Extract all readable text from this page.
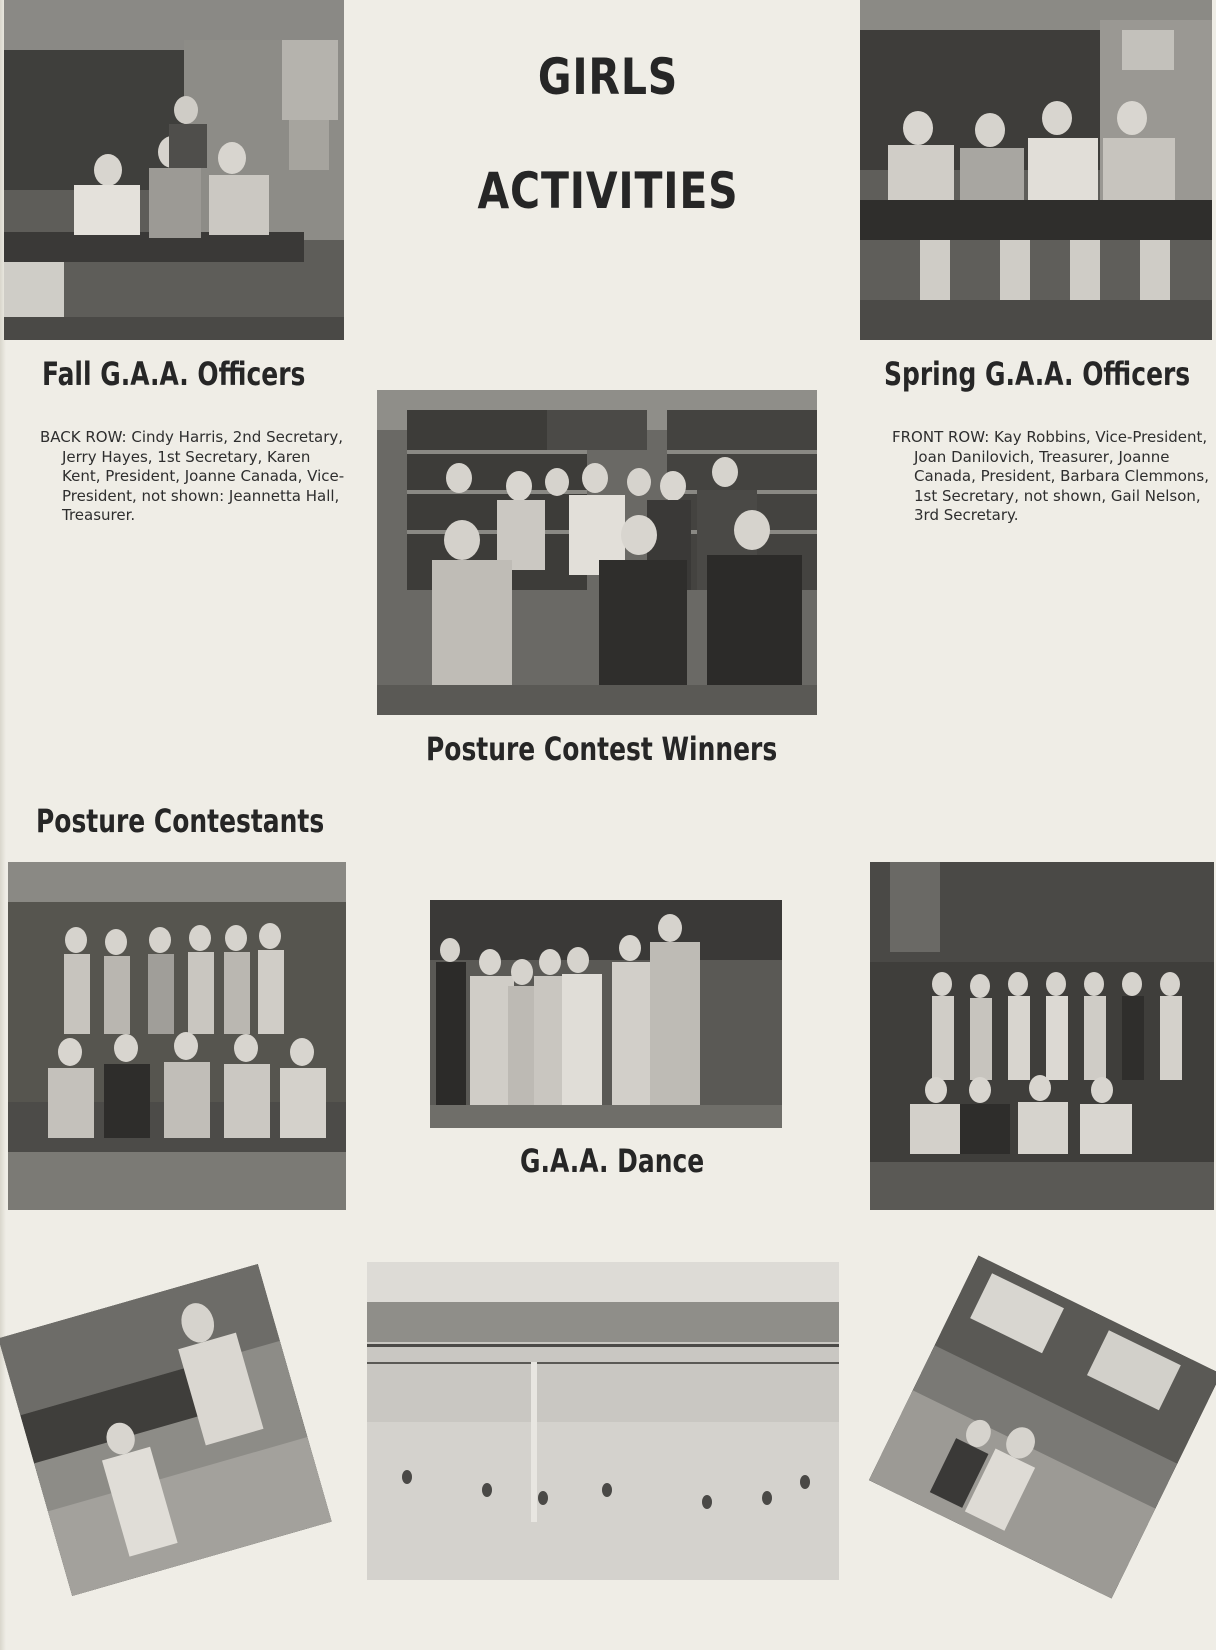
GIRLS
ACTIVITIES
Fall G.A.A. Officers	Spring G.A.A. Officers
BACK ROW: Cindy Harris, 2nd Secretary, Jerry Hayes, 1st Secretary, Karen Kent, President, Joanne Canada, Vice-President, not shown: Jeannetta Hall, Treasurer.
FRONT ROW: Kay Robbins, Vice-President, Joan Danilovich, Treasurer, Joanne Canada, President, Barbara Clemmons, 1st Secretary, not shown, Gail Nelson, 3rd Secretary.
Posture Contest Winners
Posture Contestants
G.A.A. Dance
